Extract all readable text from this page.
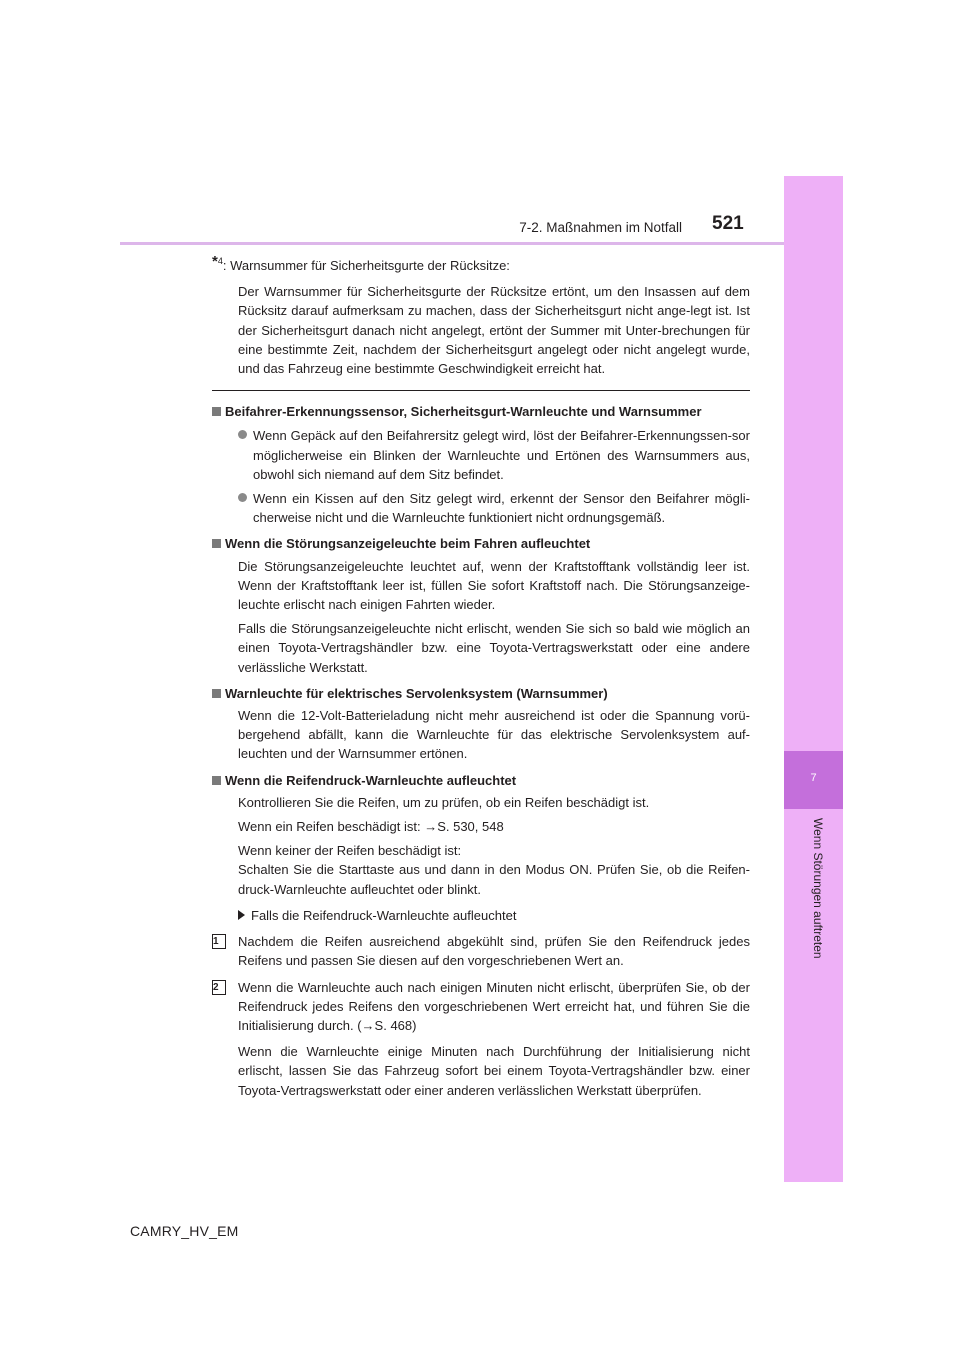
7-2. Maßnahmen im Notfall 521
7
Wenn Störungen auftreten

*$^4$: Warnsummer für Sicherheitsgurte der Rücksitze:

Der Warnsummer für Sicherheitsgurte der Rücksitze ertönt, um den Insassen auf dem Rücksitz darauf aufmerksam zu machen, dass der Sicherheitsgurt nicht ange-legt ist. Ist der Sicherheitsgurt danach nicht angelegt, ertönt der Summer mit Unter-brechungen für eine bestimmte Zeit, nachdem der Sicherheitsgurt angelegt oder nicht angelegt wurde, und das Fahrzeug eine bestimmte Geschwindigkeit erreicht hat.

Beifahrer-Erkennungssensor, Sicherheitsgurt-Warnleuchte und Warnsummer

Wenn Gepäck auf den Beifahrersitz gelegt wird, löst der Beifahrer-Erkennungssen-sor möglicherweise ein Blinken der Warnleuchte und Ertönen des Warnsummers aus, obwohl sich niemand auf dem Sitz befindet.

Wenn ein Kissen auf den Sitz gelegt wird, erkennt der Sensor den Beifahrer mögli-cherweise nicht und die Warnleuchte funktioniert nicht ordnungsgemäß.

Wenn die Störungsanzeigeleuchte beim Fahren aufleuchtet

Die Störungsanzeigeleuchte leuchtet auf, wenn der Kraftstofftank vollständig leer ist. Wenn der Kraftstofftank leer ist, füllen Sie sofort Kraftstoff nach. Die Störungsanzeige-leuchte erlischt nach einigen Fahrten wieder.

Falls die Störungsanzeigeleuchte nicht erlischt, wenden Sie sich so bald wie möglich an einen Toyota-Vertragshändler bzw. eine Toyota-Vertragswerkstatt oder eine andere verlässliche Werkstatt.

Warnleuchte für elektrisches Servolenksystem (Warnsummer)

Wenn die 12-Volt-Batterieladung nicht mehr ausreichend ist oder die Spannung vorü-bergehend abfällt, kann die Warnleuchte für das elektrische Servolenksystem auf-leuchten und der Warnsummer ertönen.

Wenn die Reifendruck-Warnleuchte aufleuchtet

Kontrollieren Sie die Reifen, um zu prüfen, ob ein Reifen beschädigt ist.

Wenn ein Reifen beschädigt ist: →S. 530, 548

Wenn keiner der Reifen beschädigt ist:

Schalten Sie die Starttaste aus und dann in den Modus ON. Prüfen Sie, ob die Reifen-druck-Warnleuchte aufleuchtet oder blinkt.

Falls die Reifendruck-Warnleuchte aufleuchtet

1	Nachdem die Reifen ausreichend abgekühlt sind, prüfen Sie den Reifendruck jedes Reifens und passen Sie diesen auf den vorgeschriebenen Wert an.

2	Wenn die Warnleuchte auch nach einigen Minuten nicht erlischt, überprüfen Sie, ob der Reifendruck jedes Reifens den vorgeschriebenen Wert erreicht hat, und führen Sie die Initialisierung durch. (→S. 468)

Wenn die Warnleuchte einige Minuten nach Durchführung der Initialisierung nicht erlischt, lassen Sie das Fahrzeug sofort bei einem Toyota-Vertragshändler bzw. einer Toyota-Vertragswerkstatt oder einer anderen verlässlichen Werkstatt überprüfen.

CAMRY_HV_EM
